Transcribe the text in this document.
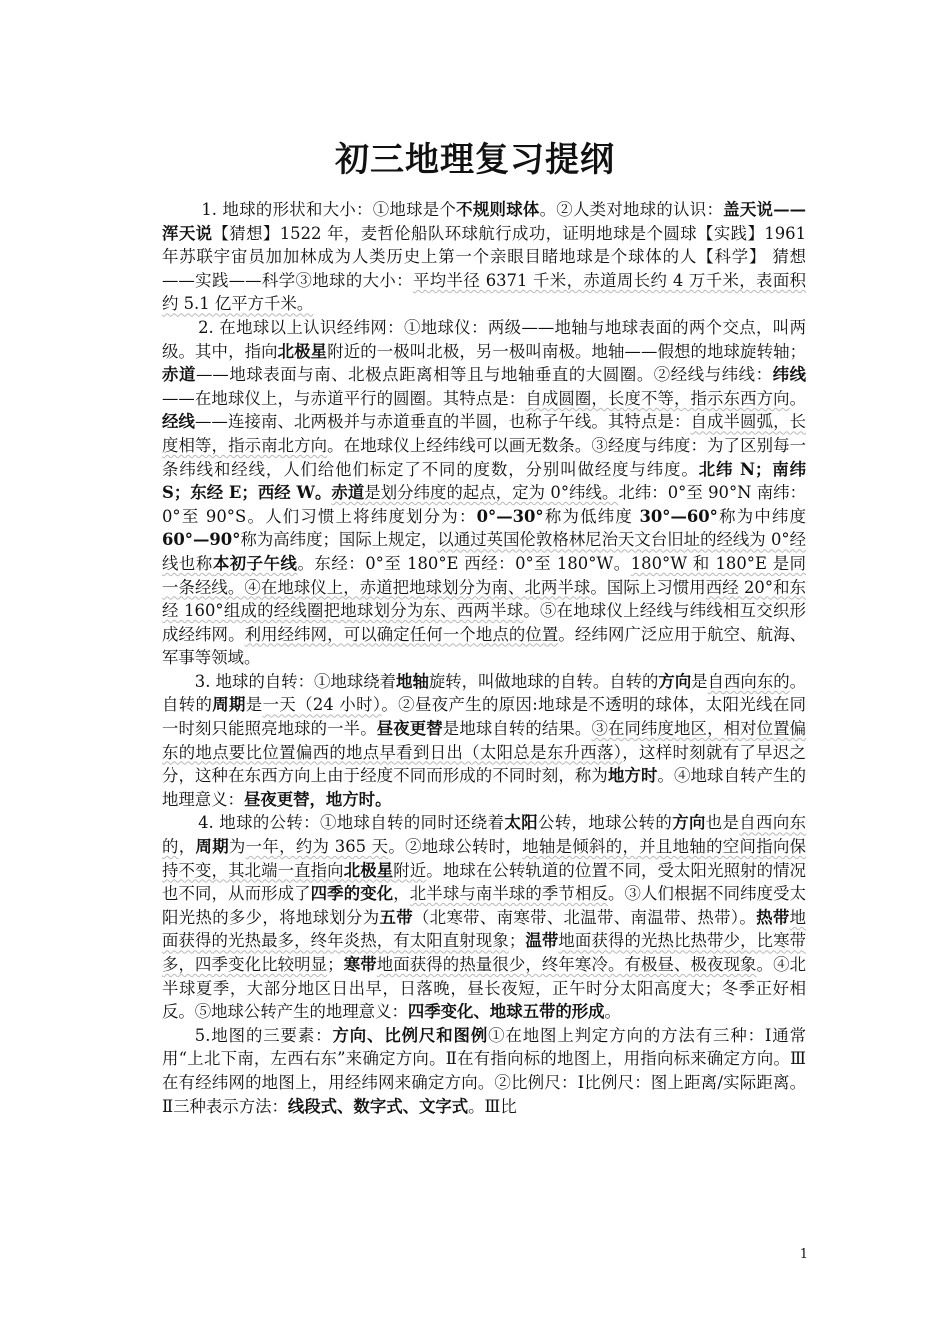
初三地理复习提纲

1. 地球的形状和大小：①地球是个不规则球体。②人类对地球的认识：盖天说—— 浑天说【猜想】1522 年，麦哲伦船队环球航行成功，证明地球是个圆球【实践】1961 年苏联宇宙员加加林成为人类历史上第一个亲眼目睹地球是个球体的人【科学】 猜想——实践——科学③地球的大小：平均半径 6371 千米，赤道周长约 4 万千米，表面积约 5.1 亿平方千米。

2. 在地球以上认识经纬网：①地球仪：两级——地轴与地球表面的两个交点，叫两级。其中，指向北极星附近的一极叫北极，另一极叫南极。地轴——假想的地球旋转轴；赤道——地球表面与南、北极点距离相等且与地轴垂直的大圆圈。②经线与纬线：纬线——在地球仪上，与赤道平行的圆圈。其特点是：自成圆圈，长度不等，指示东西方向。经线——连接南、北两极并与赤道垂直的半圆，也称子午线。其特点是：自成半圆弧，长度相等，指示南北方向。在地球仪上经纬线可以画无数条。③经度与纬度：为了区别每一条纬线和经线，人们给他们标定了不同的度数，分别叫做经度与纬度。北纬 N；南纬 S；东经 E；西经 W。赤道是划分纬度的起点，定为 0°纬线。北纬：0°至 90°N 南纬：0°至 90°S。人们习惯上将纬度划分为：0°—30°称为低纬度 30°—60°称为中纬度 60°—90°称为高纬度；国际上规定，以通过英国伦敦格林尼治天文台旧址的经线为 0°经线也称本初子午线。东经：0°至 180°E 西经：0°至 180°W。180°W 和 180°E 是同一条经线。④在地球仪上，赤道把地球划分为南、北两半球。国际上习惯用西经 20°和东经 160°组成的经线圈把地球划分为东、西两半球。⑤在地球仪上经线与纬线相互交织形成经纬网。利用经纬网，可以确定任何一个地点的位置。经纬网广泛应用于航空、航海、军事等领域。

3. 地球的自转：①地球绕着地轴旋转，叫做地球的自转。自转的方向是自西向东的。自转的周期是一天（24 小时）。②昼夜产生的原因:地球是不透明的球体，太阳光线在同一时刻只能照亮地球的一半。昼夜更替是地球自转的结果。③在同纬度地区，相对位置偏东的地点要比位置偏西的地点早看到日出（太阳总是东升西落），这样时刻就有了早迟之分，这种在东西方向上由于经度不同而形成的不同时刻，称为地方时。④地球自转产生的地理意义：昼夜更替，地方时。

4. 地球的公转：①地球自转的同时还绕着太阳公转，地球公转的方向也是自西向东的，周期为一年，约为 365 天。②地球公转时，地轴是倾斜的，并且地轴的空间指向保持不变，其北端一直指向北极星附近。地球在公转轨道的位置不同，受太阳光照射的情况也不同，从而形成了四季的变化，北半球与南半球的季节相反。③人们根据不同纬度受太阳光热的多少，将地球划分为五带（北寒带、南寒带、北温带、南温带、热带）。热带地面获得的光热最多，终年炎热，有太阳直射现象；温带地面获得的光热比热带少，比寒带多，四季变化比较明显；寒带地面获得的热量很少，终年寒冷。有极昼、极夜现象。④北半球夏季，大部分地区日出早，日落晚，昼长夜短，正午时分太阳高度大；冬季正好相反。⑤地球公转产生的地理意义：四季变化、地球五带的形成。

5.地图的三要素：方向、比例尺和图例①在地图上判定方向的方法有三种：Ⅰ通常用“上北下南，左西右东”来确定方向。Ⅱ在有指向标的地图上，用指向标来确定方向。Ⅲ在有经纬网的地图上，用经纬网来确定方向。②比例尺：Ⅰ比例尺：图上距离/实际距离。Ⅱ三种表示方法：线段式、数字式、文字式。Ⅲ比

1
